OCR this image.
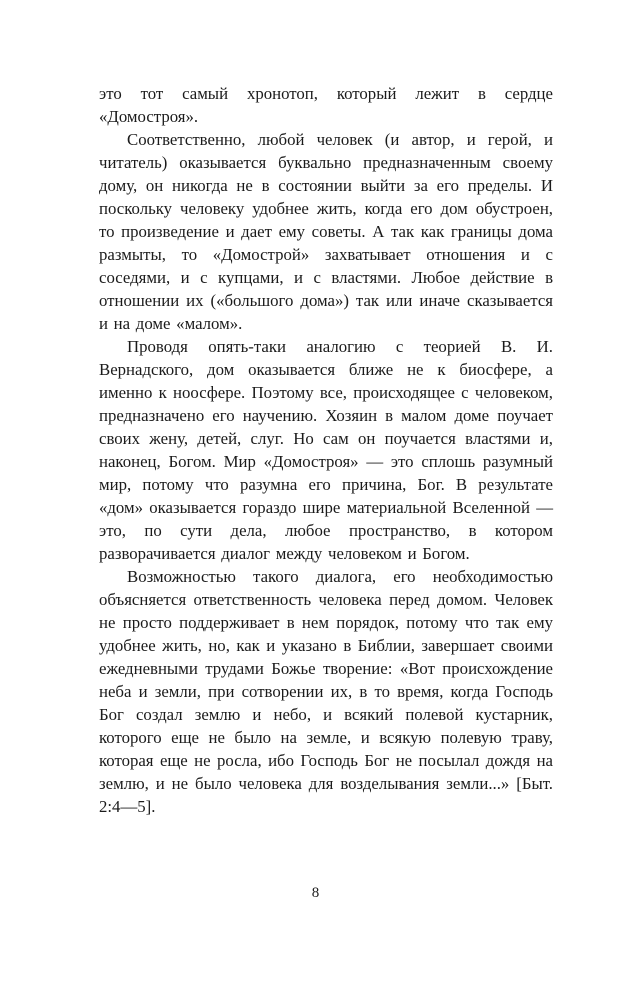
это тот самый хронотоп, который лежит в сердце «Домостроя».

Соответственно, любой человек (и автор, и герой, и читатель) оказывается буквально предназначенным своему дому, он никогда не в состоянии выйти за его пределы. И поскольку человеку удобнее жить, когда его дом обустроен, то произведение и дает ему советы. А так как границы дома размыты, то «Домострой» захватывает отношения и с соседями, и с купцами, и с властями. Любое действие в отношении их («большого дома») так или иначе сказывается и на доме «малом».

Проводя опять-таки аналогию с теорией В. И. Вернадского, дом оказывается ближе не к биосфере, а именно к ноосфере. Поэтому все, происходящее с человеком, предназначено его научению. Хозяин в малом доме поучает своих жену, детей, слуг. Но сам он поучается властями и, наконец, Богом. Мир «Домостроя» — это сплошь разумный мир, потому что разумна его причина, Бог. В результате «дом» оказывается гораздо шире материальной Вселенной — это, по сути дела, любое пространство, в котором разворачивается диалог между человеком и Богом.

Возможностью такого диалога, его необходимостью объясняется ответственность человека перед домом. Человек не просто поддерживает в нем порядок, потому что так ему удобнее жить, но, как и указано в Библии, завершает своими ежедневными трудами Божье творение: «Вот происхождение неба и земли, при сотворении их, в то время, когда Господь Бог создал землю и небо, и всякий полевой кустарник, которого еще не было на земле, и всякую полевую траву, которая еще не росла, ибо Господь Бог не посылал дождя на землю, и не было человека для возделывания земли...» [Быт. 2:4—5].

8
